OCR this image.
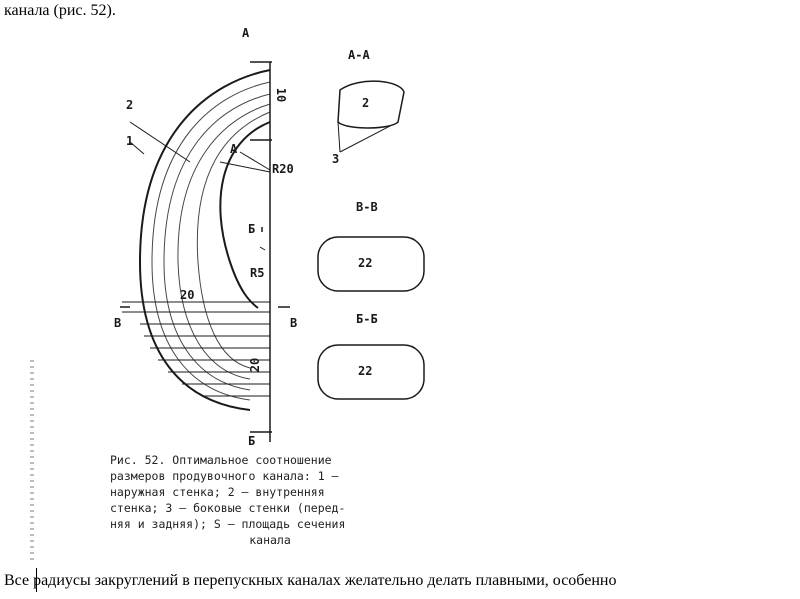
канала (рис. 52).
2
1
3
A
A
Б
Б
В	В
R20
R5
10
20
20
A-A
2
B-B
22
Б-Б
22
Рис. 52. Оптимальное соотношение
размеров продувочного канала: 1 —
наружная стенка; 2 — внутренняя
стенка; 3 — боковые стенки (перед-
няя и задняя); S — площадь сечения
канала
Все радиусы закруглений в перепускных каналах желательно делать плавными, особенно
